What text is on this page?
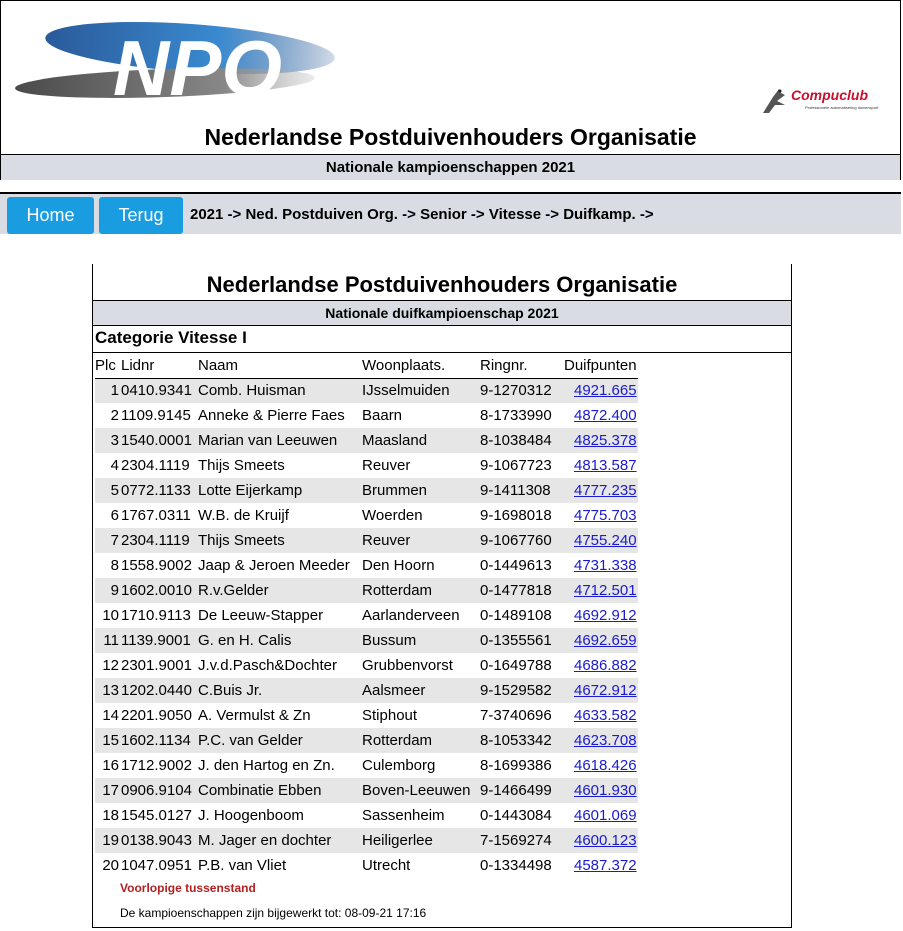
NPO	Compuclub
Professionele automatisering duivensport
Nederlandse Postduivenhouders Organisatie
Nationale kampioenschappen 2021
Home	Terug	2021 -> Ned. Postduiven Org. -> Senior -> Vitesse -> Duifkamp. ->
Nederlandse Postduivenhouders Organisatie
Nationale duifkampioenschap 2021
Categorie Vitesse I
Plc	Lidnr	Naam	Woonplaats.	Ringnr.	Duifpunten
1	0410.9341	Comb. Huisman	IJsselmuiden	9-1270312	4921.665
2	1109.9145	Anneke & Pierre Faes	Baarn	8-1733990	4872.400
3	1540.0001	Marian van Leeuwen	Maasland	8-1038484	4825.378
4	2304.1119	Thijs Smeets	Reuver	9-1067723	4813.587
5	0772.1133	Lotte Eijerkamp	Brummen	9-1411308	4777.235
6	1767.0311	W.B. de Kruijf	Woerden	9-1698018	4775.703
7	2304.1119	Thijs Smeets	Reuver	9-1067760	4755.240
8	1558.9002	Jaap & Jeroen Meeder	Den Hoorn	0-1449613	4731.338
9	1602.0010	R.v.Gelder	Rotterdam	0-1477818	4712.501
10	1710.9113	De Leeuw-Stapper	Aarlanderveen	0-1489108	4692.912
11	1139.9001	G. en H. Calis	Bussum	0-1355561	4692.659
12	2301.9001	J.v.d.Pasch&Dochter	Grubbenvorst	0-1649788	4686.882
13	1202.0440	C.Buis Jr.	Aalsmeer	9-1529582	4672.912
14	2201.9050	A. Vermulst & Zn	Stiphout	7-3740696	4633.582
15	1602.1134	P.C. van Gelder	Rotterdam	8-1053342	4623.708
16	1712.9002	J. den Hartog en Zn.	Culemborg	8-1699386	4618.426
17	0906.9104	Combinatie Ebben	Boven-Leeuwen	9-1466499	4601.930
18	1545.0127	J. Hoogenboom	Sassenheim	0-1443084	4601.069
19	0138.9043	M. Jager en dochter	Heiligerlee	7-1569274	4600.123
20	1047.0951	P.B. van Vliet	Utrecht	0-1334498	4587.372
Voorlopige tussenstand
De kampioenschappen zijn bijgewerkt tot: 08-09-21 17:16
